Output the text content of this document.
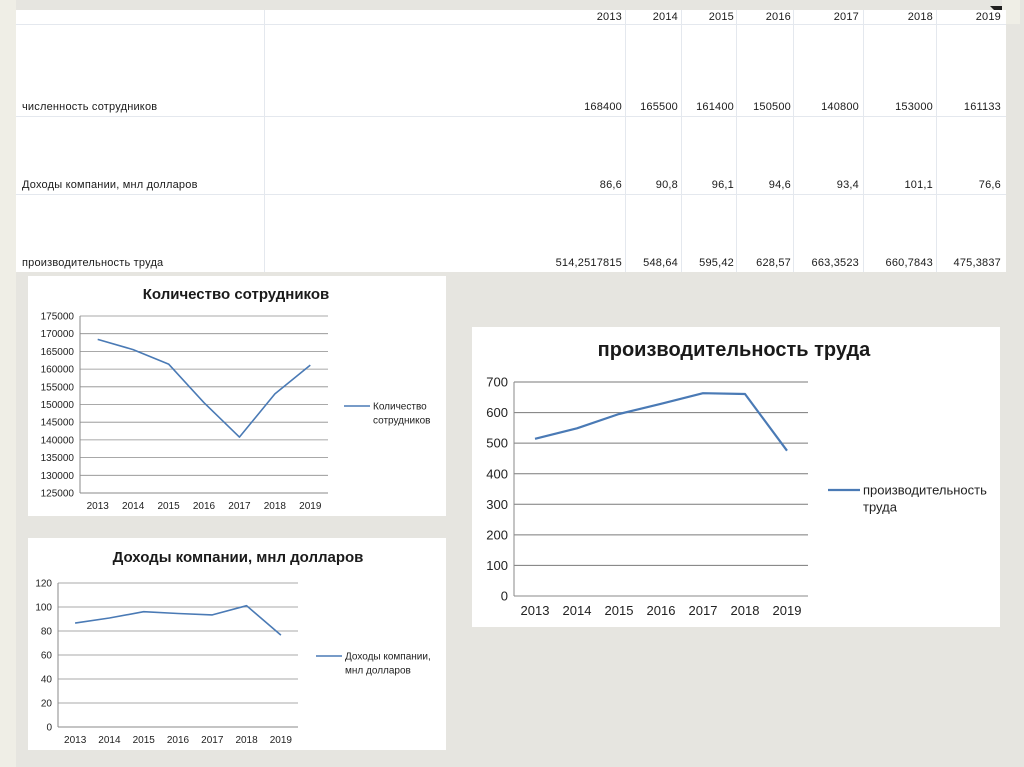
2013	2014	2015	2016	2017	2018	2019
численность сотрудников	168400	165500	161400	150500	140800	153000	161133
Доходы компании, мнл долларов	86,6	90,8	96,1	94,6	93,4	101,1	76,6
производительность труда	514,2517815	548,64	595,42	628,57	663,3523	660,7843	475,3837
Количество сотрудников
125000
130000
135000
140000
145000
150000
155000
160000
165000
170000
175000
2013 2014 2015 2016 2017 2018 2019
Количество
сотрудников
производительность труда
0
100
200
300
400
500
600
700
2013 2014 2015 2016 2017 2018 2019
производительность
труда
Доходы компании, мнл долларов
0
20
40
60
80
100
120
2013 2014 2015 2016 2017 2018 2019
Доходы компании,
мнл долларов
